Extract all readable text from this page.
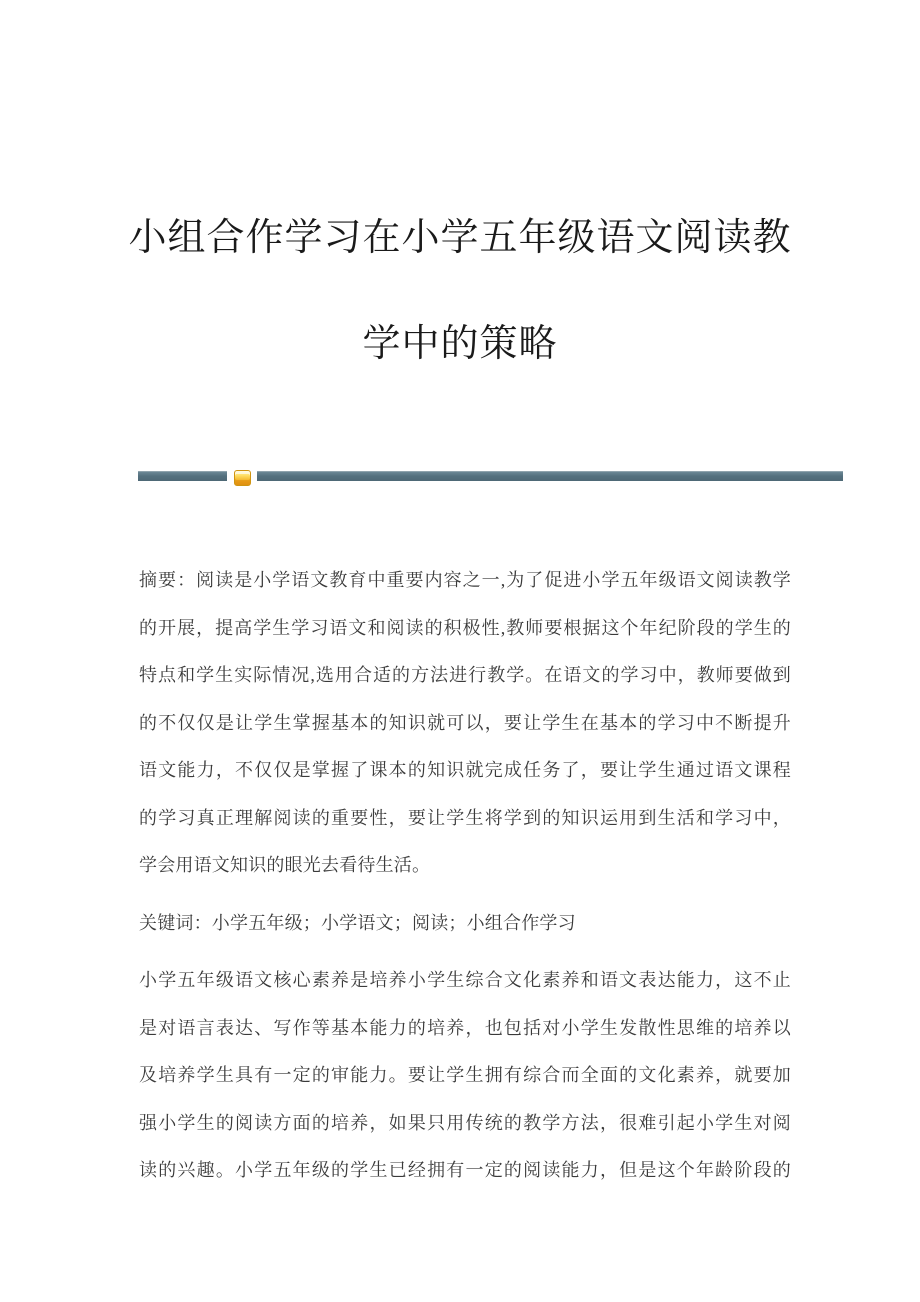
小组合作学习在小学五年级语文阅读教
学中的策略
摘要：阅读是小学语文教育中重要内容之一,为了促进小学五年级语文阅读教学
的开展，提高学生学习语文和阅读的积极性,教师要根据这个年纪阶段的学生的
特点和学生实际情况,选用合适的方法进行教学。在语文的学习中，教师要做到
的不仅仅是让学生掌握基本的知识就可以，要让学生在基本的学习中不断提升
语文能力，不仅仅是掌握了课本的知识就完成任务了，要让学生通过语文课程
的学习真正理解阅读的重要性，要让学生将学到的知识运用到生活和学习中，
学会用语文知识的眼光去看待生活。
关键词：小学五年级；小学语文；阅读；小组合作学习
小学五年级语文核心素养是培养小学生综合文化素养和语文表达能力，这不止
是对语言表达、写作等基本能力的培养，也包括对小学生发散性思维的培养以
及培养学生具有一定的审能力。要让学生拥有综合而全面的文化素养，就要加
强小学生的阅读方面的培养，如果只用传统的教学方法，很难引起小学生对阅
读的兴趣。小学五年级的学生已经拥有一定的阅读能力，但是这个年龄阶段的
